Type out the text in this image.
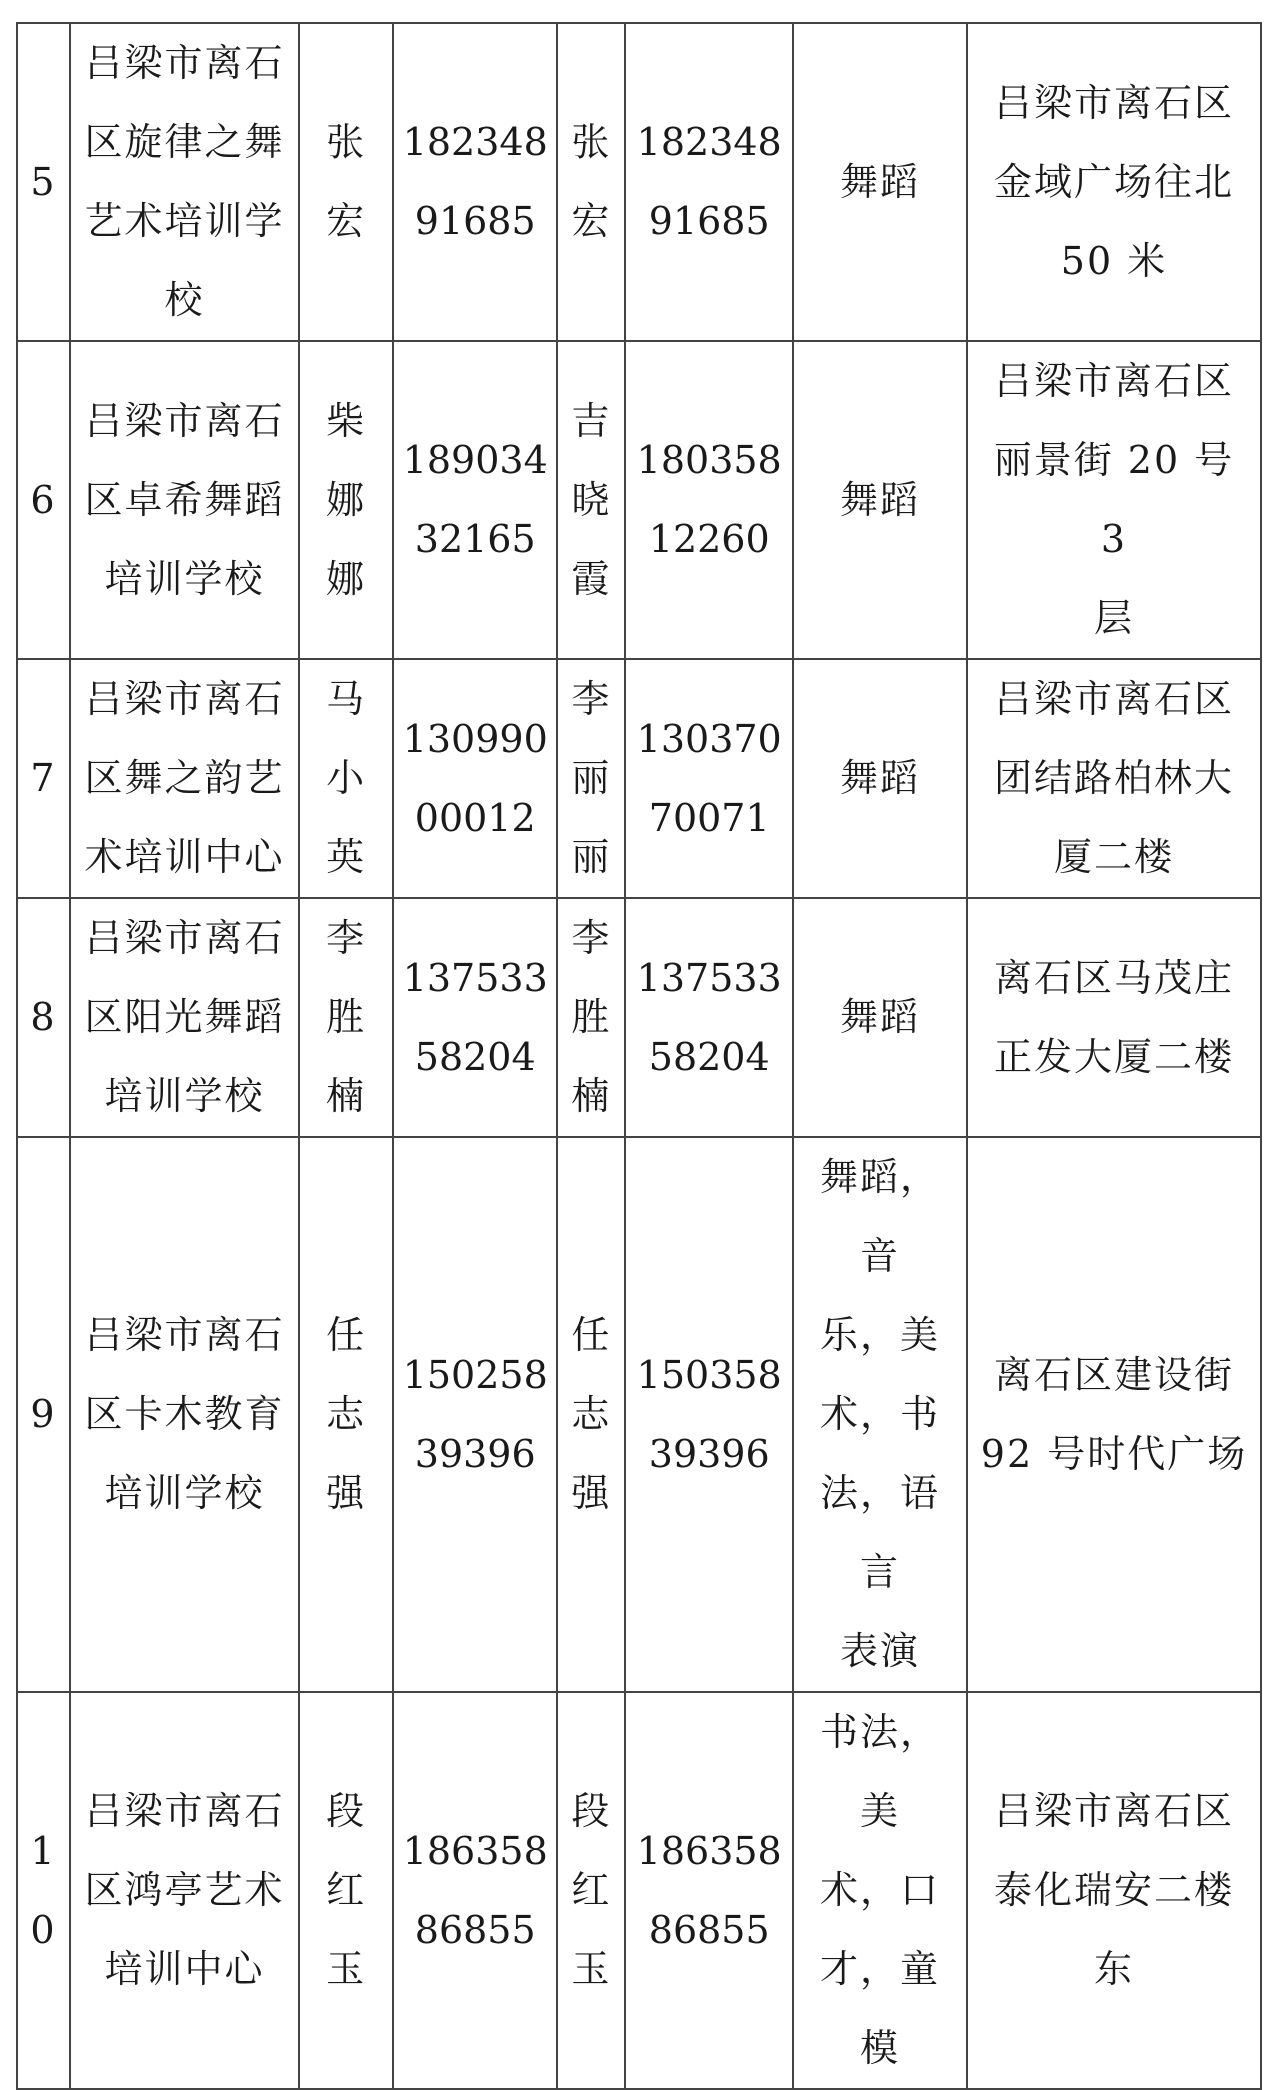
5	吕梁市离石
区旋律之舞
艺术培训学
校	张
宏	182348
91685	张
宏	182348
91685	舞蹈	吕梁市离石区
金域广场往北
50 米
6	吕梁市离石
区卓希舞蹈
培训学校	柴
娜
娜	189034
32165	吉
晓
霞	180358
12260	舞蹈	吕梁市离石区
丽景街 20 号 3
层
7	吕梁市离石
区舞之韵艺
术培训中心	马
小
英	130990
00012	李
丽
丽	130370
70071	舞蹈	吕梁市离石区
团结路柏林大
厦二楼
8	吕梁市离石
区阳光舞蹈
培训学校	李
胜
楠	137533
58204	李
胜
楠	137533
58204	舞蹈	离石区马茂庄
正发大厦二楼
9	吕梁市离石
区卡木教育
培训学校	任
志
强	150258
39396	任
志
强	150358
39396	舞蹈，音
乐，美
术，书
法，语言
表演	离石区建设街
92 号时代广场
1
0	吕梁市离石
区鸿亭艺术
培训中心	段
红
玉	186358
86855	段
红
玉	186358
86855	书法，美
术，口
才，童模	吕梁市离石区
泰化瑞安二楼
东
